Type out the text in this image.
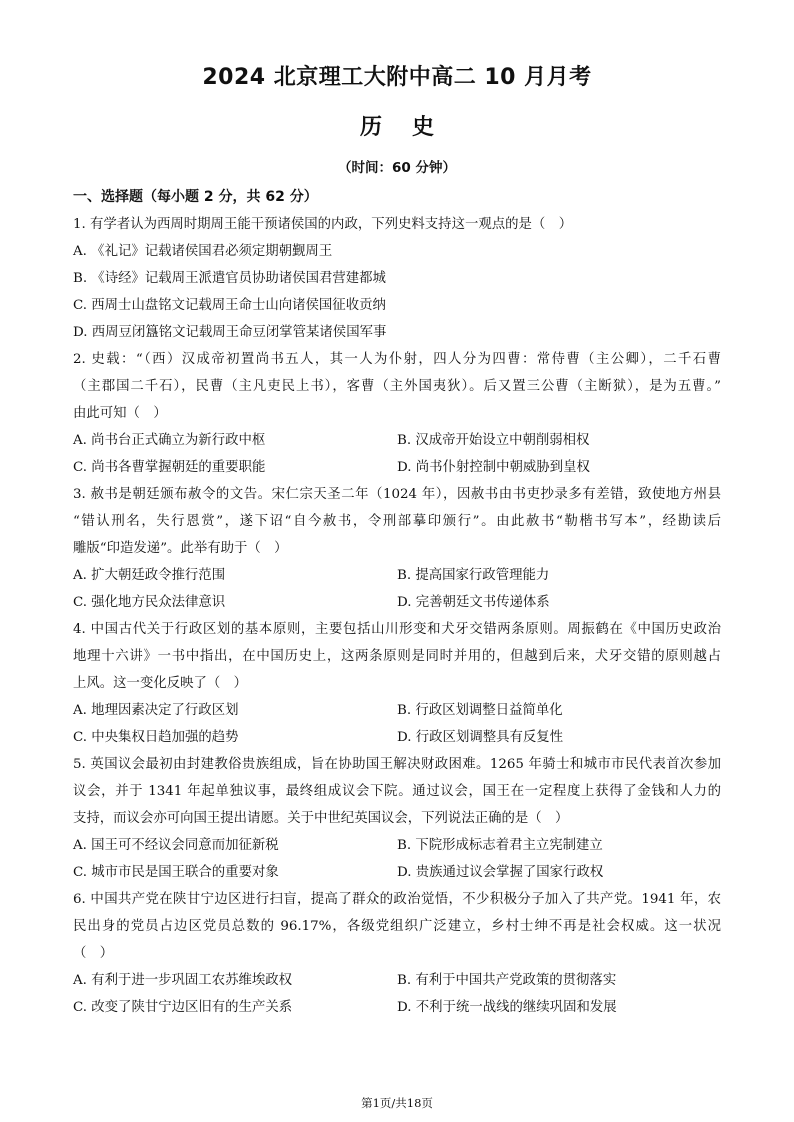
2024 北京理工大附中高二 10 月月考
历史
（时间：60 分钟）
一、选择题（每小题 2 分，共 62 分）
1. 有学者认为西周时期周王能干预诸侯国的内政，下列史料支持这一观点的是（　）
A. 《礼记》记载诸侯国君必须定期朝觐周王
B. 《诗经》记载周王派遣官员协助诸侯国君营建都城
C. 西周士山盘铭文记载周王命士山向诸侯国征收贡纳
D. 西周豆闭簋铭文记载周王命豆闭掌管某诸侯国军事
2. 史载：“（西）汉成帝初置尚书五人，其一人为仆射，四人分为四曹：常侍曹（主公卿），二千石曹
（主郡国二千石），民曹（主凡吏民上书），客曹（主外国夷狄）。后又置三公曹（主断狱），是为五曹。”
由此可知（　）
A. 尚书台正式确立为新行政中枢	B. 汉成帝开始设立中朝削弱相权
C. 尚书各曹掌握朝廷的重要职能	D. 尚书仆射控制中朝威胁到皇权
3. 赦书是朝廷颁布赦令的文告。宋仁宗天圣二年（1024 年），因赦书由书吏抄录多有差错，致使地方州县
“错认刑名，失行恩赏”，遂下诏“自今赦书，令刑部摹印颁行”。由此赦书“勒楷书写本”，经勘读后
雕版“印造发递”。此举有助于（　）
A. 扩大朝廷政令推行范围	B. 提高国家行政管理能力
C. 强化地方民众法律意识	D. 完善朝廷文书传递体系
4. 中国古代关于行政区划的基本原则，主要包括山川形变和犬牙交错两条原则。周振鹤在《中国历史政治
地理十六讲》一书中指出，在中国历史上，这两条原则是同时并用的，但越到后来，犬牙交错的原则越占
上风。这一变化反映了（　）
A. 地理因素决定了行政区划	B. 行政区划调整日益简单化
C. 中央集权日趋加强的趋势	D. 行政区划调整具有反复性
5. 英国议会最初由封建教俗贵族组成，旨在协助国王解决财政困难。1265 年骑士和城市市民代表首次参加
议会，并于 1341 年起单独议事，最终组成议会下院。通过议会，国王在一定程度上获得了金钱和人力的
支持，而议会亦可向国王提出请愿。关于中世纪英国议会，下列说法正确的是（　）
A. 国王可不经议会同意而加征新税	B. 下院形成标志着君主立宪制建立
C. 城市市民是国王联合的重要对象	D. 贵族通过议会掌握了国家行政权
6. 中国共产党在陕甘宁边区进行扫盲，提高了群众的政治觉悟，不少积极分子加入了共产党。1941 年，农
民出身的党员占边区党员总数的 96.17%，各级党组织广泛建立，乡村士绅不再是社会权威。这一状况
（　）
A. 有利于进一步巩固工农苏维埃政权	B. 有利于中国共产党政策的贯彻落实
C. 改变了陕甘宁边区旧有的生产关系	D. 不利于统一战线的继续巩固和发展
第1页/共18页
